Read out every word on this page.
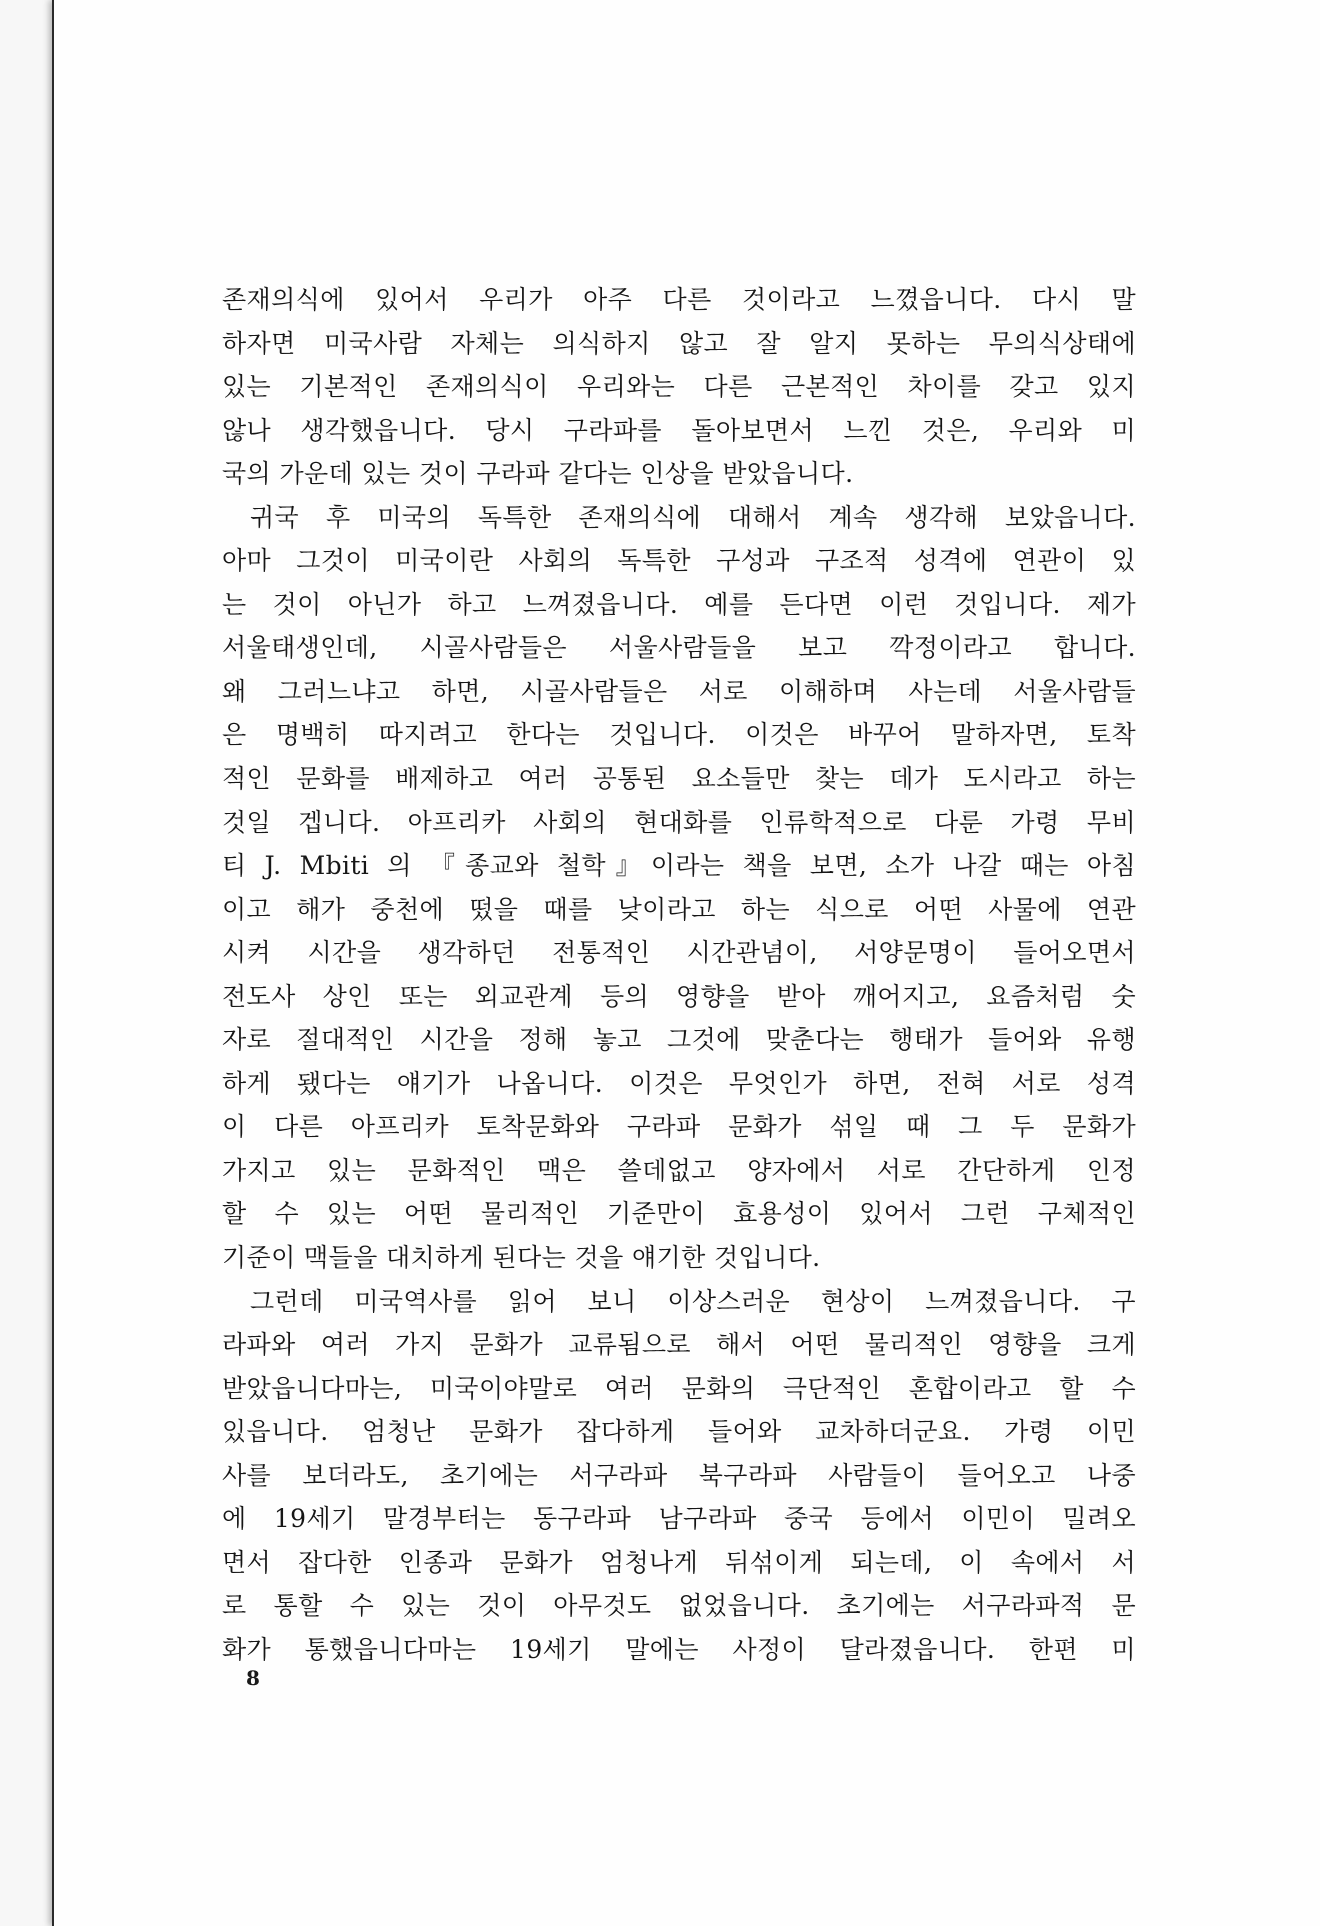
존재의식에 있어서 우리가 아주 다른 것이라고 느꼈읍니다. 다시 말
하자면 미국사람 자체는 의식하지 않고 잘 알지 못하는 무의식상태에
있는 기본적인 존재의식이 우리와는 다른 근본적인 차이를 갖고 있지
않나 생각했읍니다. 당시 구라파를 돌아보면서 느낀 것은, 우리와 미
국의 가운데 있는 것이 구라파 같다는 인상을 받았읍니다.
귀국 후 미국의 독특한 존재의식에 대해서 계속 생각해 보았읍니다.
아마 그것이 미국이란 사회의 독특한 구성과 구조적 성격에 연관이 있
는 것이 아닌가 하고 느껴졌읍니다. 예를 든다면 이런 것입니다. 제가
서울태생인데, 시골사람들은 서울사람들을 보고 깍정이라고 합니다.
왜 그러느냐고 하면, 시골사람들은 서로 이해하며 사는데 서울사람들
은 명백히 따지려고 한다는 것입니다. 이것은 바꾸어 말하자면, 토착
적인 문화를 배제하고 여러 공통된 요소들만 찾는 데가 도시라고 하는
것일 겝니다. 아프리카 사회의 현대화를 인류학적으로 다룬 가령 무비
티 J. Mbiti 의 『종교와 철학』이라는 책을 보면, 소가 나갈 때는 아침
이고 해가 중천에 떴을 때를 낮이라고 하는 식으로 어떤 사물에 연관
시켜 시간을 생각하던 전통적인 시간관념이, 서양문명이 들어오면서
전도사 상인 또는 외교관계 등의 영향을 받아 깨어지고, 요즘처럼 숫
자로 절대적인 시간을 정해 놓고 그것에 맞춘다는 행태가 들어와 유행
하게 됐다는 얘기가 나옵니다. 이것은 무엇인가 하면, 전혀 서로 성격
이 다른 아프리카 토착문화와 구라파 문화가 섞일 때 그 두 문화가
가지고 있는 문화적인 맥은 쓸데없고 양자에서 서로 간단하게 인정
할 수 있는 어떤 물리적인 기준만이 효용성이 있어서 그런 구체적인
기준이 맥들을 대치하게 된다는 것을 얘기한 것입니다.
그런데 미국역사를 읽어 보니 이상스러운 현상이 느껴졌읍니다. 구
라파와 여러 가지 문화가 교류됨으로 해서 어떤 물리적인 영향을 크게
받았읍니다마는, 미국이야말로 여러 문화의 극단적인 혼합이라고 할 수
있읍니다. 엄청난 문화가 잡다하게 들어와 교차하더군요. 가령 이민
사를 보더라도, 초기에는 서구라파 북구라파 사람들이 들어오고 나중
에 19세기 말경부터는 동구라파 남구라파 중국 등에서 이민이 밀려오
면서 잡다한 인종과 문화가 엄청나게 뒤섞이게 되는데, 이 속에서 서
로 통할 수 있는 것이 아무것도 없었읍니다. 초기에는 서구라파적 문
화가 통했읍니다마는 19세기 말에는 사정이 달라졌읍니다. 한편 미
8
